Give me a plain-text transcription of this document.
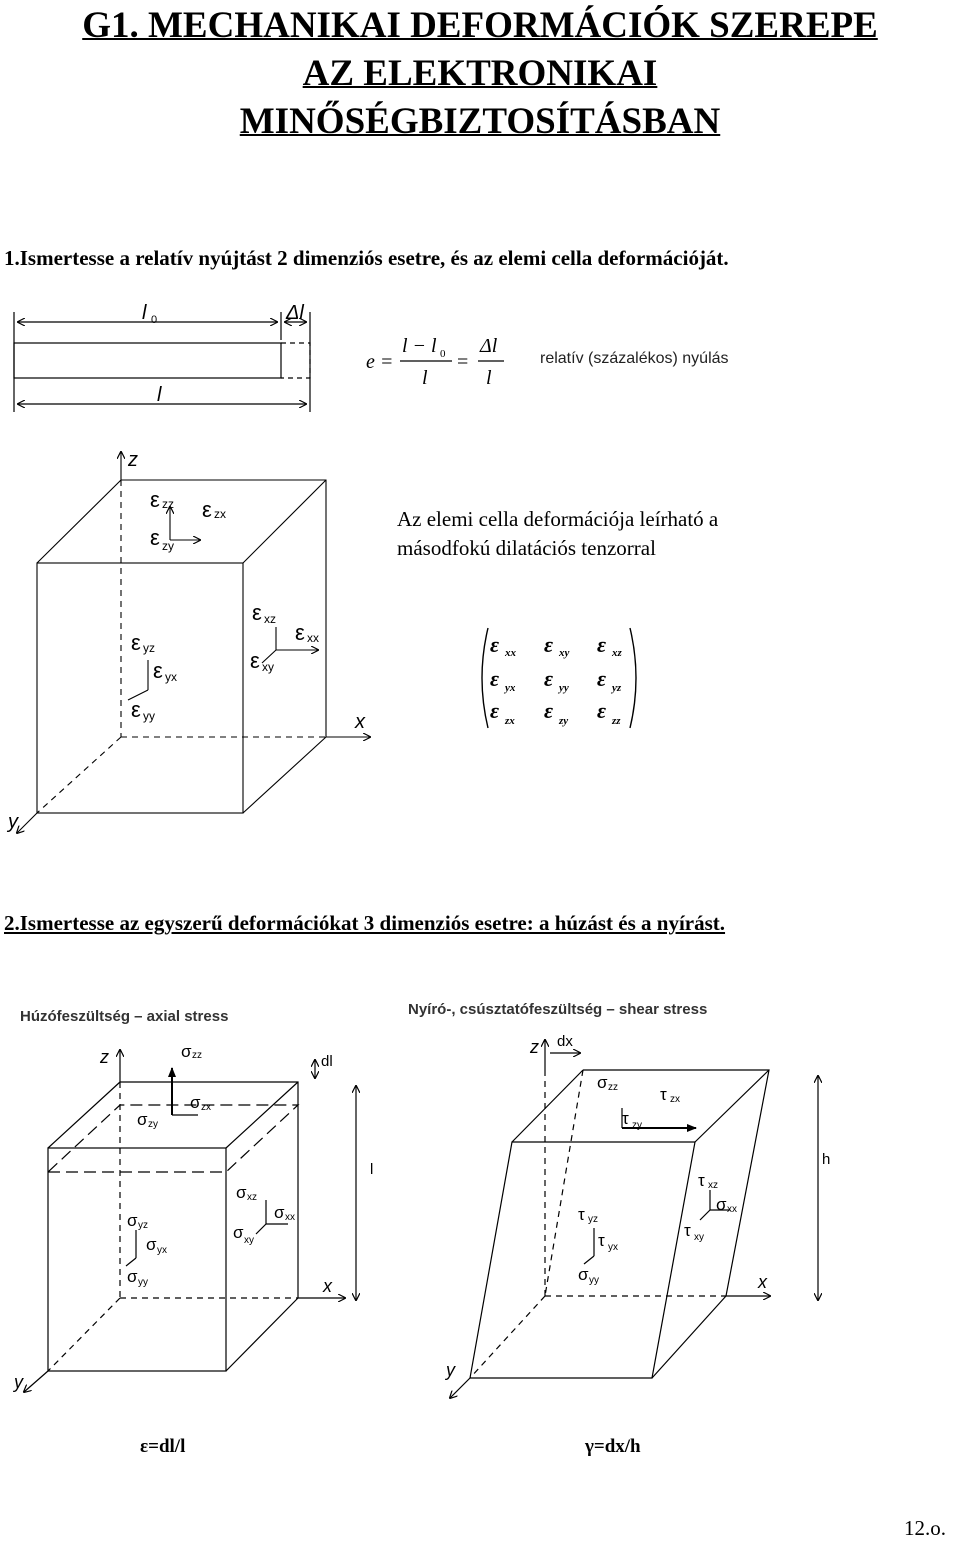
G1. MECHANIKAI DEFORMÁCIÓK SZEREPE
AZ ELEKTRONIKAI
MINŐSÉGBIZTOSÍTÁSBAN
1.Ismertesse a relatív nyújtást 2 dimenziós esetre, és az elemi cella deformációját.
l 0	Δl
l
e =
l − l 0
l
=
Δl
l
relatív (százalékos) nyúlás
z
x
y
ε zz ε zx
ε zy
ε xz
ε xx
ε xy
ε yz
ε yx
ε yy
ε xx ε xy ε xz
ε yx ε yy ε yz
ε zx ε zy ε zz
Húzófeszültség – axial stress
z
x
y
σ zz
σ zx
σ zy
σ xz
σ xx
σ xy
σ yz
σ yx
σ yy
dl
l
ε=dl/l
Nyíró-, csúsztatófeszültség – shear stress
z
x
y
dx
h
σ zz τ zx
τ zy
τ xz
σ xx
τ xy
τ yz
τ yx
σ yy
γ=dx/h
Az elemi cella deformációja leírható a
másodfokú dilatációs tenzorral
2.Ismertesse az egyszerű deformációkat 3 dimenziós esetre: a húzást és a nyírást.
12.o.
